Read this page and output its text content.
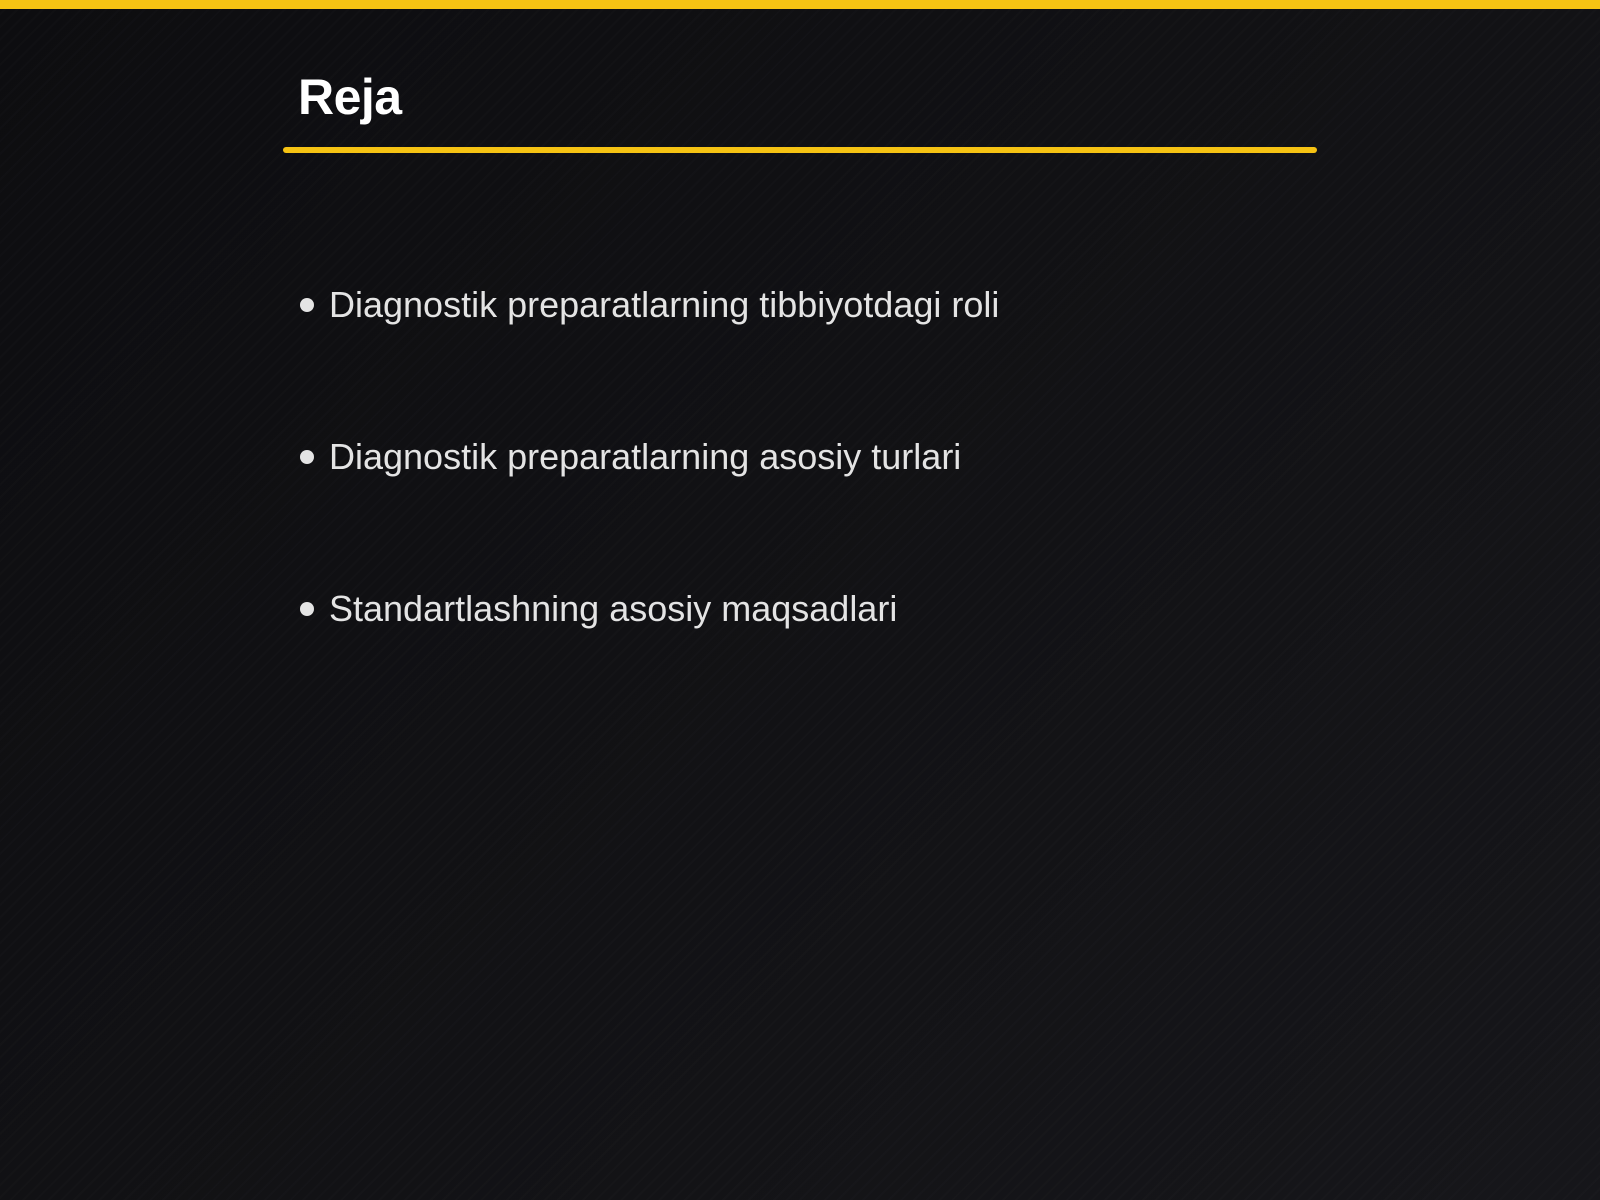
Reja
Diagnostik preparatlarning tibbiyotdagi roli
Diagnostik preparatlarning asosiy turlari
Standartlashning asosiy maqsadlari
